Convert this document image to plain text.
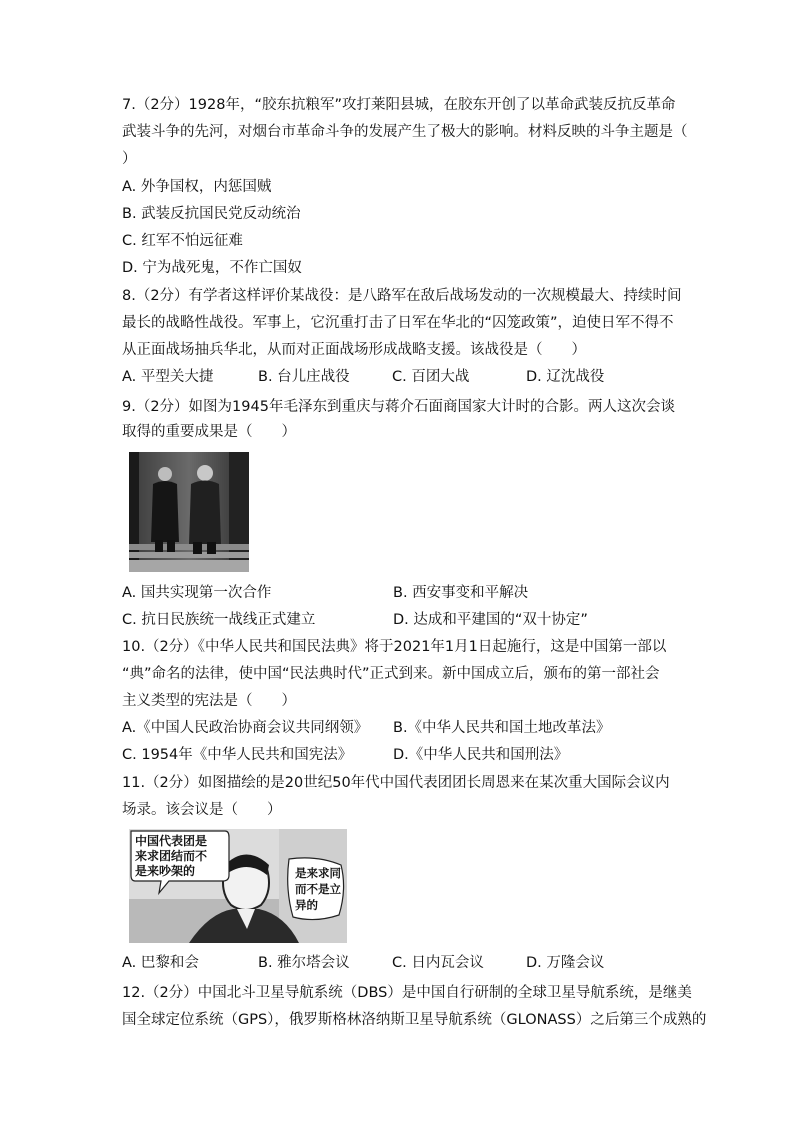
7.（2分）1928年，“胶东抗粮军”攻打莱阳县城，在胶东开创了以革命武装反抗反革命
武装斗争的先河，对烟台市革命斗争的发展产生了极大的影响。材料反映的斗争主题是（
）
A. 外争国权，内惩国贼
B. 武装反抗国民党反动统治
C. 红军不怕远征难
D. 宁为战死鬼，不作亡国奴
8.（2分）有学者这样评价某战役：是八路军在敌后战场发动的一次规模最大、持续时间
最长的战略性战役。军事上，它沉重打击了日军在华北的“囚笼政策”，迫使日军不得不
从正面战场抽兵华北，从而对正面战场形成战略支援。该战役是（　　）
A. 平型关大捷	B. 台儿庄战役	C. 百团大战	D. 辽沈战役
9.（2分）如图为1945年毛泽东到重庆与蒋介石面商国家大计时的合影。两人这次会谈
取得的重要成果是（　　）
A. 国共实现第一次合作	B. 西安事变和平解决
C. 抗日民族统一战线正式建立	D. 达成和平建国的“双十协定”
10.（2分）《中华人民共和国民法典》将于2021年1月1日起施行，这是中国第一部以
“典”命名的法律，使中国“民法典时代”正式到来。新中国成立后，颁布的第一部社会
主义类型的宪法是（　　）
A.《中国人民政治协商会议共同纲领》 B.《中华人民共和国土地改革法》
C. 1954年《中华人民共和国宪法》	D.《中华人民共和国刑法》
11.（2分）如图描绘的是20世纪50年代中国代表团团长周恩来在某次重大国际会议内
场录。该会议是（　　）
中国代表团是
来求团结而不
是来吵架的	是来求同
而不是立
异的
A. 巴黎和会	B. 雅尔塔会议	C. 日内瓦会议	D. 万隆会议
12.（2分）中国北斗卫星导航系统（DBS）是中国自行研制的全球卫星导航系统，是继美
国全球定位系统（GPS），俄罗斯格林洛纳斯卫星导航系统（GLONASS）之后第三个成熟的
